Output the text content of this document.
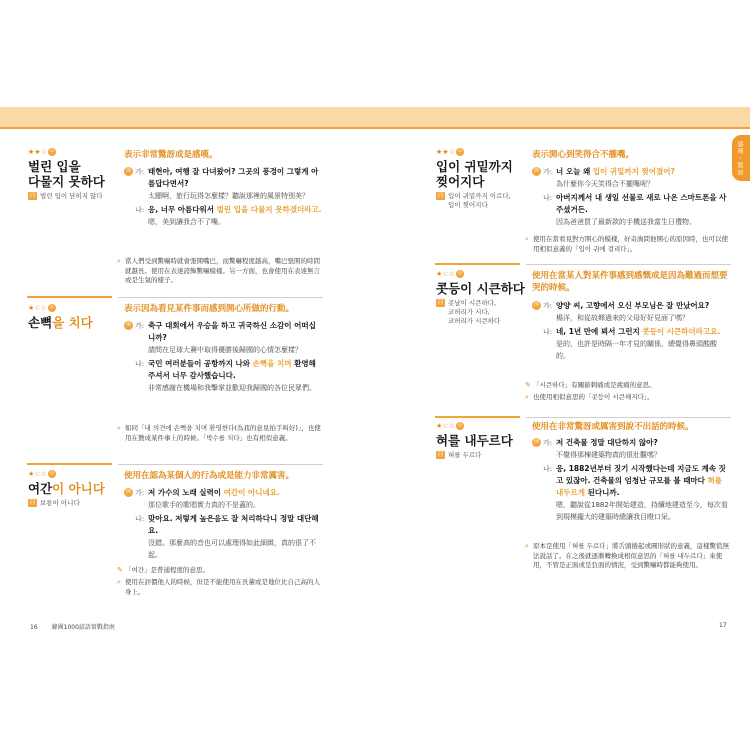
感嘆・驚訝
★★☆ 中
벌린 입을
다물지 못하다
同 벌린 입이 닫히지 않다
表示非常驚訝或是感嘆。
例 가: 태현아, 여행 잘 다녀왔어? 그곳의 풍경이 그렇게 아름답다면서?
太顯啊，旅行玩得怎麼樣？聽說那裡的風景特別美？
나: 응, 너무 아름다워서 벌린 입을 다물지 못하겠더라고.
嗯，美到讓我合不了嘴。
⌕ 當人們受到驚嚇時就會張開嘴巴，而驚嚇程度越高，嘴巴張開的時間就越長。使用在表達誇飾驚嚇模樣。另一方面，也會使用在表達無言或是生氣的樣子。
★☆☆ 中
손뼉을 치다
表示因為看見某件事而感到開心所做的行動。
例 가: 축구 대회에서 우승을 하고 귀국하신 소감이 어떠십니까?
請問在足球大賽中取得優勝後歸國的心情怎麼樣？
나: 국민 여러분들이 공항까지 나와 손뼉을 치며 환영해 주셔서 너무 감사했습니다.
非常感謝在機場和我擊掌並歡迎我歸國的各位民眾們。
⌕ 如同「내 의견에 손뼉을 치며 환영한다(為我的意見拍手叫好)」，也使用在贊成某件事上的時候。「박수를 치다」也有相似意義。
★☆☆ 中
여간이 아니다
同 보통이 아니다
使用在認為某個人的行為或是能力非常厲害。
例 가: 저 가수의 노래 실력이 여간이 아니네요.
那位歌手的歌唱實力真的不是蓋的。
나: 맞아요. 저렇게 높은음도 잘 처리하다니 정말 대단해요.
沒錯。那麼高的音也可以處理得如此細緻，真的很了不起。
✎ 「여간」是普通程度的意思。
⌕ 使用在評價他人的時候，但是不能使用在長輩或是地位比自己高的人身上。
16 韓國1000諺語實戰指南
★★☆ 中
입이 귀밑까지
찢어지다
同 입이 귀밑까지 이르다,
입이 찢어지다
表示開心到笑得合不攏嘴。
例 가: 너 오늘 왜 입이 귀밑까지 찢어졌어?
為什麼你今天笑得合不攏嘴呢？
나: 아버지께서 내 생일 선물로 새로 나온 스마트폰을 사 주셨거든.
因為爸爸買了最新款的手機送我當生日禮物。
⌕ 使用在當看見對方開心的模樣，好奇詢問他開心的原因時，也可以使用相似意義的「입이 귀에 걸리다」。
★☆☆ 中
콧등이 시큰하다
同 콧날이 시큰하다,
코허리가 시다,
코허리가 시큰하다
使用在當某人對某件事感到感慨或是因為難過而想要哭的時候。
例 가: 양양 씨, 고향에서 오신 부모님은 잘 만났어요?
楊洋，和從故鄉過來的父母好好見面了嗎？
나: 네, 1년 만에 뵈서 그런지 콧등이 시큰하더라고요.
是的，也許是時隔一年才見的關係，總覺得鼻頭酸酸的。
✎ 「시큰하다」有關節刺痛或是疲痛的意思。
⌕ 也使用相似意思的「콧등이 시큰해지다」。
★☆☆ 中
혀를 내두르다
同 혀를 두르다
使用在非常驚訝或厲害到說不出話的時候。
例 가: 저 건축물 정말 대단하지 않아?
不覺得那棟建築物真的很壯觀嗎？
나: 응, 1882년부터 짓기 시작했다는데 지금도 계속 짓고 있잖아. 건축물의 엄청난 규모를 볼 때마다 혀를 내두르게 된다니까.
嗯，聽說從1882年開始建造，持續地建造至今，每次看到規模龐大的建築時總讓我目瞪口呆。
⌕ 原本是使用「혀를 두르다」將舌頭捲起或圓形狀的意義，這樣驚慌無法說話了。在之後就逐漸轉換成相似意思的「혀를 내두르다」來使用，不管是正面或是負面的情況，受到驚嚇時都能夠使用。
17
